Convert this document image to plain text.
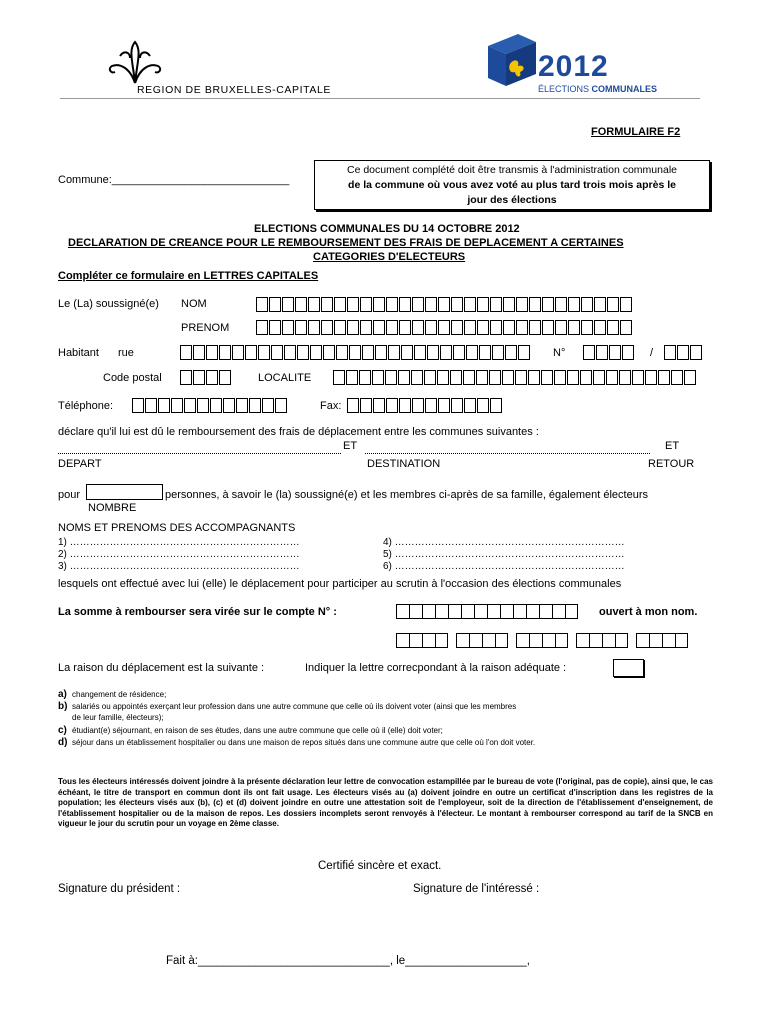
REGION DE BRUXELLES-CAPITALE
2012
ÉLECTIONS COMMUNALES
FORMULAIRE F2
Commune:_____________________________
Ce document complété doit être transmis à l'administration communale
de la commune où vous avez voté au plus tard trois mois après le
jour des élections
ELECTIONS COMMUNALES DU 14 OCTOBRE 2012
DECLARATION DE CREANCE POUR LE REMBOURSEMENT DES FRAIS DE DEPLACEMENT A CERTAINES
CATEGORIES D'ELECTEURS
Compléter ce formulaire en LETTRES CAPITALES
Le (La) soussigné(e) NOM
PRENOM
Habitant rue	N°	/
Code postal	LOCALITE
Téléphone:	Fax:
déclare qu'il lui est dû le remboursement des frais de déplacement entre les communes suivantes :
ET	ET
DEPART	DESTINATION	RETOUR
pour	personnes, à savoir le (la) soussigné(e) et les membres ci-après de sa famille, également électeurs
NOMBRE
NOMS ET PRENOMS DES ACCOMPAGNANTS
1) ……………………………………………………………
2) ……………………………………………………………
3) ……………………………………………………………
4) ……………………………………………………………
5) ……………………………………………………………
6) ……………………………………………………………
lesquels ont effectué avec lui (elle) le déplacement pour participer au scrutin à l'occasion des élections communales
La somme à rembourser sera virée sur le compte N° :	ouvert à mon nom.
La raison du déplacement est la suivante :	Indiquer la lettre correcpondant à la raison adéquate :
a) changement de résidence;
b) salariés ou appointés exerçant leur profession dans une autre commune que celle où ils doivent voter (ainsi que les membres
de leur famille, électeurs);
c) étudiant(e) séjournant, en raison de ses études, dans une autre commune que celle où il (elle) doit voter;
d) séjour dans un établissement hospitalier ou dans une maison de repos situés dans une commune autre que celle où l'on doit voter.
Tous les électeurs intéressés doivent joindre à la présente déclaration leur lettre de convocation estampillée par le bureau de vote (l'original, pas de copie), ainsi que, le cas échéant, le titre de transport en commun dont ils ont fait usage. Les électeurs visés au (a) doivent joindre en outre un certificat d'inscription dans les registres de la population; les électeurs visés aux (b), (c) et (d) doivent joindre en outre une attestation soit de l'employeur, soit de la direction de l'établissement d'enseignement, de l'établissement hospitalier ou de la maison de repos. Les dossiers incomplets seront renvoyés à l'électeur. Le montant à rembourser correspond au tarif de la SNCB en vigueur le jour du scrutin pour un voyage en 2ème classe.
Certifié sincère et exact.
Signature du président :	Signature de l'intéressé :
Fait à:______________________________, le___________________,
